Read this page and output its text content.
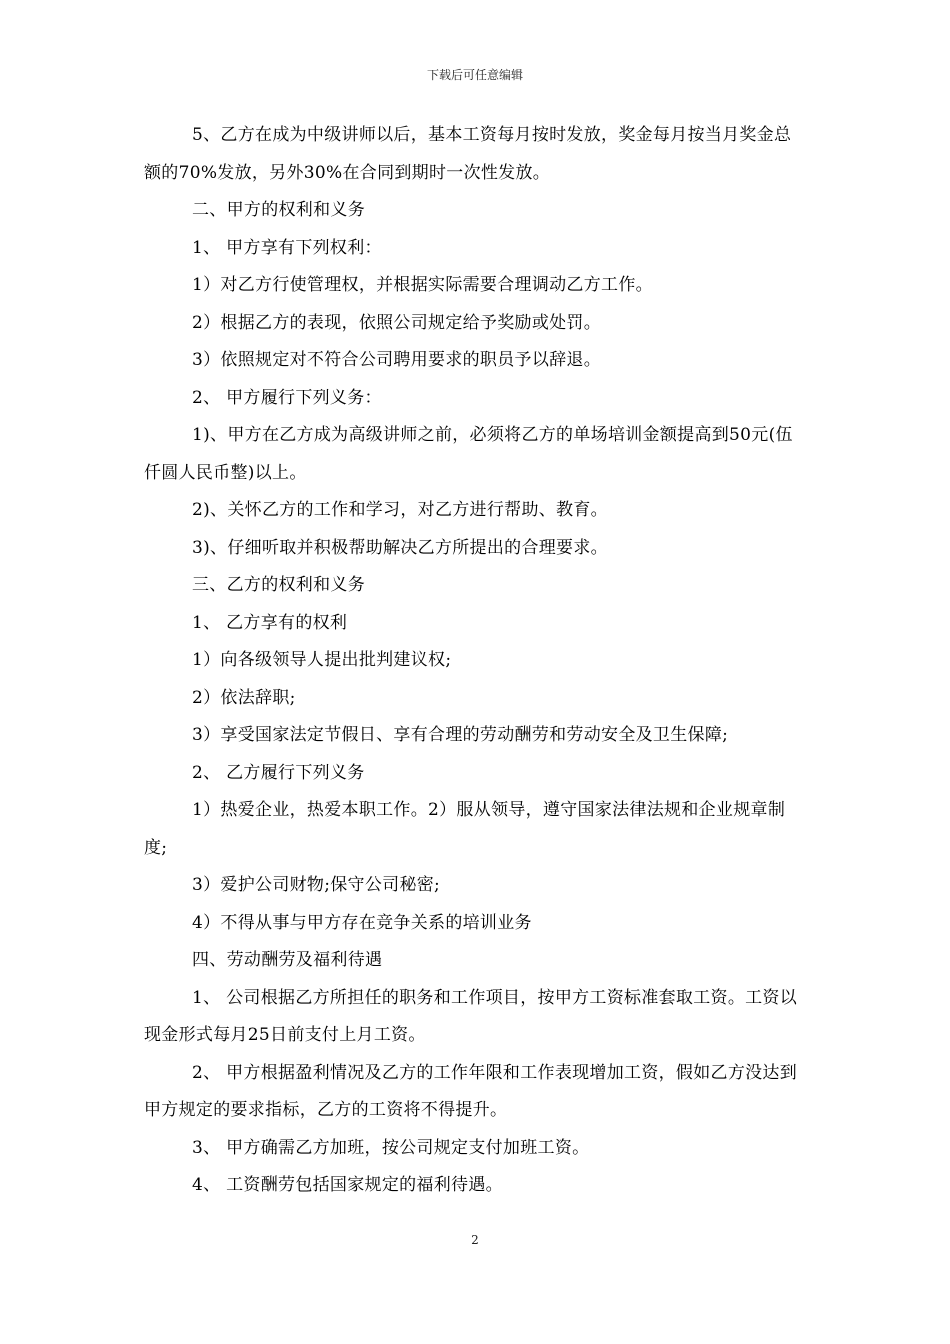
下载后可任意编辑

5、乙方在成为中级讲师以后，基本工资每月按时发放，奖金每月按当月奖金总额的70%发放，另外30%在合同到期时一次性发放。

二、甲方的权利和义务

1、 甲方享有下列权利：

1）对乙方行使管理权，并根据实际需要合理调动乙方工作。

2）根据乙方的表现，依照公司规定给予奖励或处罚。

3）依照规定对不符合公司聘用要求的职员予以辞退。

2、 甲方履行下列义务：

1)、甲方在乙方成为高级讲师之前，必须将乙方的单场培训金额提高到50元(伍仟圆人民币整)以上。

2)、关怀乙方的工作和学习，对乙方进行帮助、教育。

3)、仔细听取并积极帮助解决乙方所提出的合理要求。

三、乙方的权利和义务

1、 乙方享有的权利

1）向各级领导人提出批判建议权;

2）依法辞职;

3）享受国家法定节假日、享有合理的劳动酬劳和劳动安全及卫生保障;

2、 乙方履行下列义务

1）热爱企业，热爱本职工作。2）服从领导，遵守国家法律法规和企业规章制度;

3）爱护公司财物;保守公司秘密;

4）不得从事与甲方存在竞争关系的培训业务

四、劳动酬劳及福利待遇

1、 公司根据乙方所担任的职务和工作项目，按甲方工资标准套取工资。工资以现金形式每月25日前支付上月工资。

2、 甲方根据盈利情况及乙方的工作年限和工作表现增加工资，假如乙方没达到甲方规定的要求指标，乙方的工资将不得提升。

3、 甲方确需乙方加班，按公司规定支付加班工资。

4、 工资酬劳包括国家规定的福利待遇。

2
